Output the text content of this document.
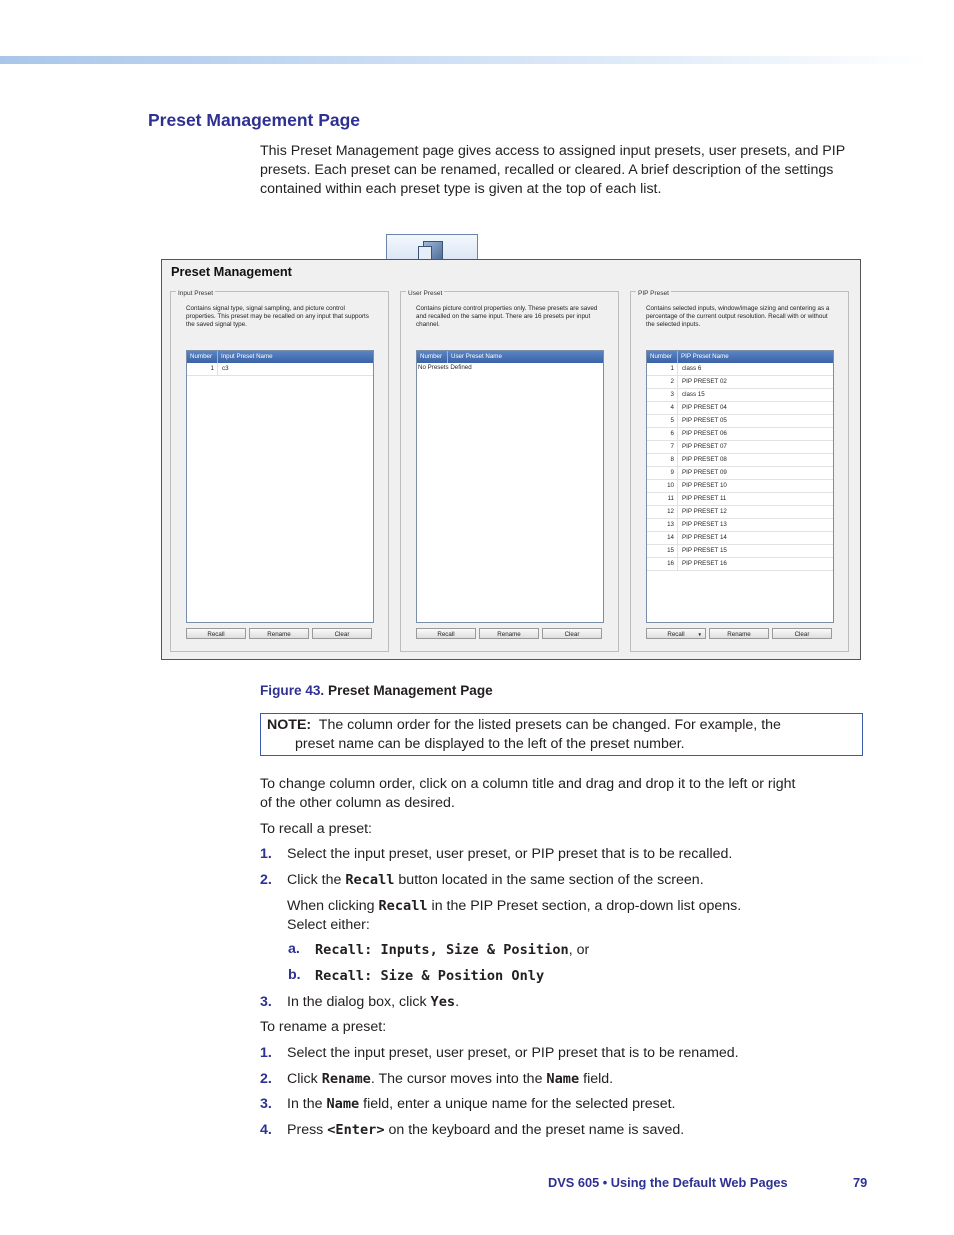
Preset Management Page
This Preset Management page gives access to assigned input presets, user presets, and PIP presets. Each preset can be renamed, recalled or cleared. A brief description of the settings contained within each preset type is given at the top of each list.
Preset Management
Input Preset
Contains signal type, signal sampling, and picture control properties. This preset may be recalled on any input that supports the saved signal type.
Number	Input Preset Name
1	c3
Recall	Rename	Clear
User Preset
Contains picture control properties only. These presets are saved and recalled on the same input. There are 16 presets per input channel.
Number	User Preset Name
No Presets Defined
Recall	Rename	Clear
PIP Preset
Contains selected inputs, window/image sizing and centering as a percentage of the current output resolution. Recall with or without the selected inputs.
Number	PIP Preset Name
1	class 6
2	PIP PRESET 02
3	class 15
4	PIP PRESET 04
5	PIP PRESET 05
6	PIP PRESET 06
7	PIP PRESET 07
8	PIP PRESET 08
9	PIP PRESET 09
10	PIP PRESET 10
11	PIP PRESET 11
12	PIP PRESET 12
13	PIP PRESET 13
14	PIP PRESET 14
15	PIP PRESET 15
16	PIP PRESET 16
Recall	▼	Rename	Clear
Figure 43. Preset Management Page
NOTE: The column order for the listed presets can be changed. For example, the
preset name can be displayed to the left of the preset number.
To change column order, click on a column title and drag and drop it to the left or right
of the other column as desired.
To recall a preset:
1. Select the input preset, user preset, or PIP preset that is to be recalled.
2. Click the Recall button located in the same section of the screen.
When clicking Recall in the PIP Preset section, a drop-down list opens.
Select either:
a. Recall: Inputs, Size & Position, or
b. Recall: Size & Position Only
3. In the dialog box, click Yes.
To rename a preset:
1. Select the input preset, user preset, or PIP preset that is to be renamed.
2. Click Rename. The cursor moves into the Name field.
3. In the Name field, enter a unique name for the selected preset.
4. Press <Enter> on the keyboard and the preset name is saved.
DVS 605 • Using the Default Web Pages	79
